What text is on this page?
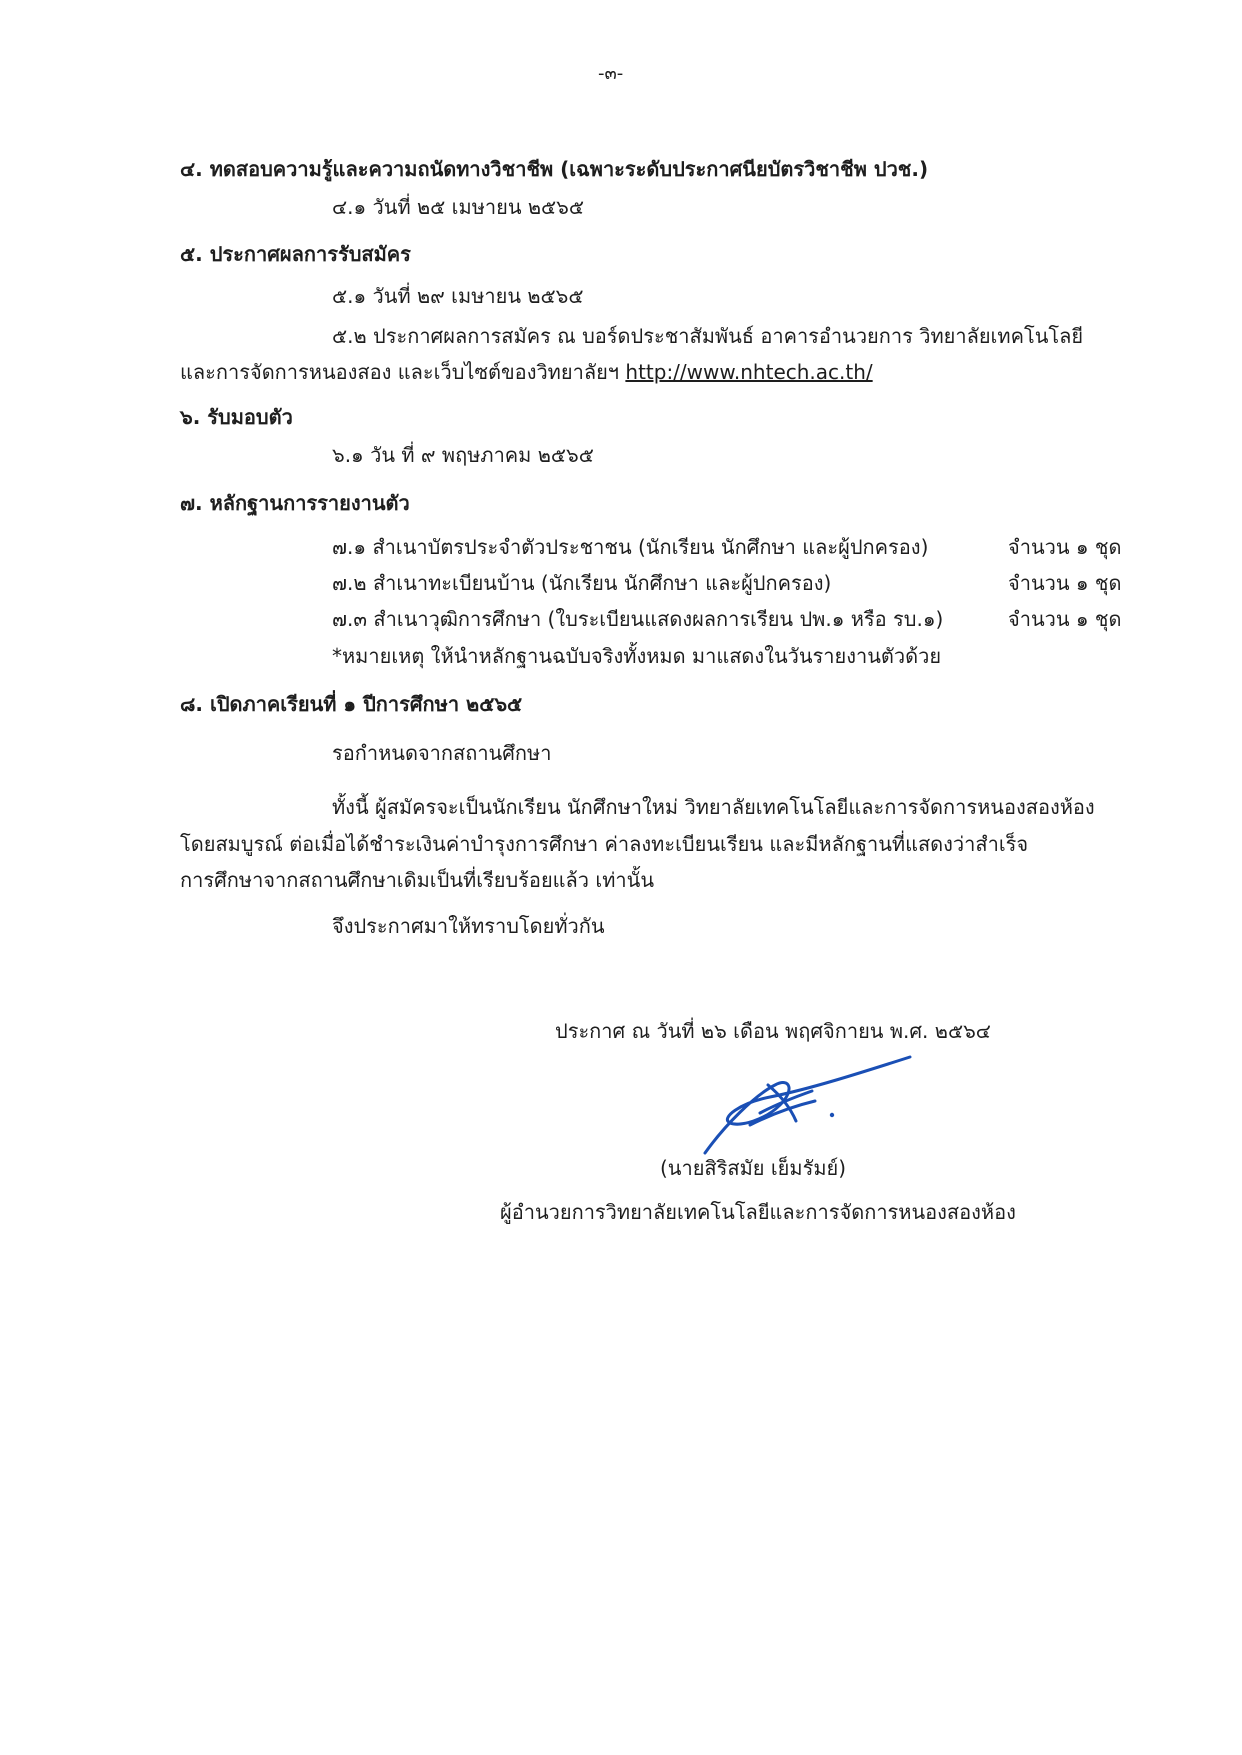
-๓-
๔. ทดสอบความรู้และความถนัดทางวิชาชีพ (เฉพาะระดับประกาศนียบัตรวิชาชีพ ปวช.)
๔.๑ วันที่ ๒๕ เมษายน ๒๕๖๕
๕. ประกาศผลการรับสมัคร
๕.๑ วันที่ ๒๙ เมษายน ๒๕๖๕
๕.๒ ประกาศผลการสมัคร ณ บอร์ดประชาสัมพันธ์ อาคารอำนวยการ วิทยาลัยเทคโนโลยี
และการจัดการหนองสอง และเว็บไซต์ของวิทยาลัยฯ http://www.nhtech.ac.th/
๖. รับมอบตัว
๖.๑ วัน ที่ ๙ พฤษภาคม ๒๕๖๕
๗. หลักฐานการรายงานตัว
๗.๑ สำเนาบัตรประจำตัวประชาชน (นักเรียน นักศึกษา และผู้ปกครอง)	จำนวน ๑ ชุด
๗.๒ สำเนาทะเบียนบ้าน (นักเรียน นักศึกษา และผู้ปกครอง)	จำนวน ๑ ชุด
๗.๓ สำเนาวุฒิการศึกษา (ใบระเบียนแสดงผลการเรียน ปพ.๑ หรือ รบ.๑)	จำนวน ๑ ชุด
*หมายเหตุ ให้นำหลักฐานฉบับจริงทั้งหมด มาแสดงในวันรายงานตัวด้วย
๘. เปิดภาคเรียนที่ ๑ ปีการศึกษา ๒๕๖๕
รอกำหนดจากสถานศึกษา
ทั้งนี้ ผู้สมัครจะเป็นนักเรียน นักศึกษาใหม่ วิทยาลัยเทคโนโลยีและการจัดการหนองสองห้อง
โดยสมบูรณ์ ต่อเมื่อได้ชำระเงินค่าบำรุงการศึกษา ค่าลงทะเบียนเรียน และมีหลักฐานที่แสดงว่าสำเร็จ
การศึกษาจากสถานศึกษาเดิมเป็นที่เรียบร้อยแล้ว เท่านั้น
จึงประกาศมาให้ทราบโดยทั่วกัน
ประกาศ ณ วันที่ ๒๖ เดือน พฤศจิกายน พ.ศ. ๒๕๖๔
(นายสิริสมัย เย็มรัมย์)
ผู้อำนวยการวิทยาลัยเทคโนโลยีและการจัดการหนองสองห้อง
